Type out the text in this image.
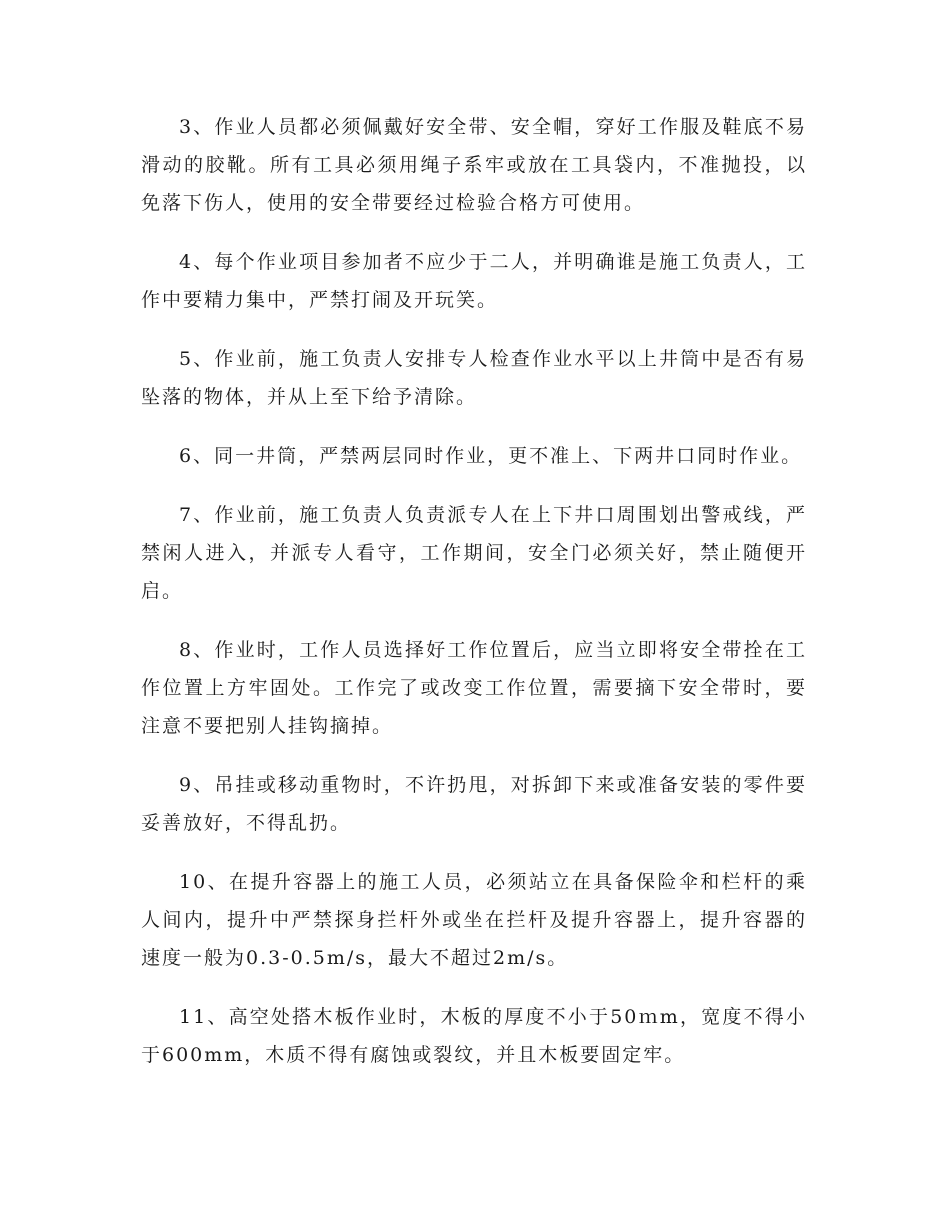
3、作业人员都必须佩戴好安全带、安全帽，穿好工作服及鞋底不易滑动的胶靴。所有工具必须用绳子系牢或放在工具袋内，不准抛投，以免落下伤人，使用的安全带要经过检验合格方可使用。

4、每个作业项目参加者不应少于二人，并明确谁是施工负责人，工作中要精力集中，严禁打闹及开玩笑。

5、作业前，施工负责人安排专人检查作业水平以上井筒中是否有易坠落的物体，并从上至下给予清除。

6、同一井筒，严禁两层同时作业，更不准上、下两井口同时作业。

7、作业前，施工负责人负责派专人在上下井口周围划出警戒线，严禁闲人进入，并派专人看守，工作期间，安全门必须关好，禁止随便开启。

8、作业时，工作人员选择好工作位置后，应当立即将安全带拴在工作位置上方牢固处。工作完了或改变工作位置，需要摘下安全带时，要注意不要把别人挂钩摘掉。

9、吊挂或移动重物时，不许扔甩，对拆卸下来或准备安装的零件要妥善放好，不得乱扔。

10、在提升容器上的施工人员，必须站立在具备保险伞和栏杆的乘人间内，提升中严禁探身拦杆外或坐在拦杆及提升容器上，提升容器的速度一般为0.3-0.5m/s，最大不超过2m/s。

11、高空处搭木板作业时，木板的厚度不小于50ｍm，宽度不得小于600mm，木质不得有腐蚀或裂纹，并且木板要固定牢。
